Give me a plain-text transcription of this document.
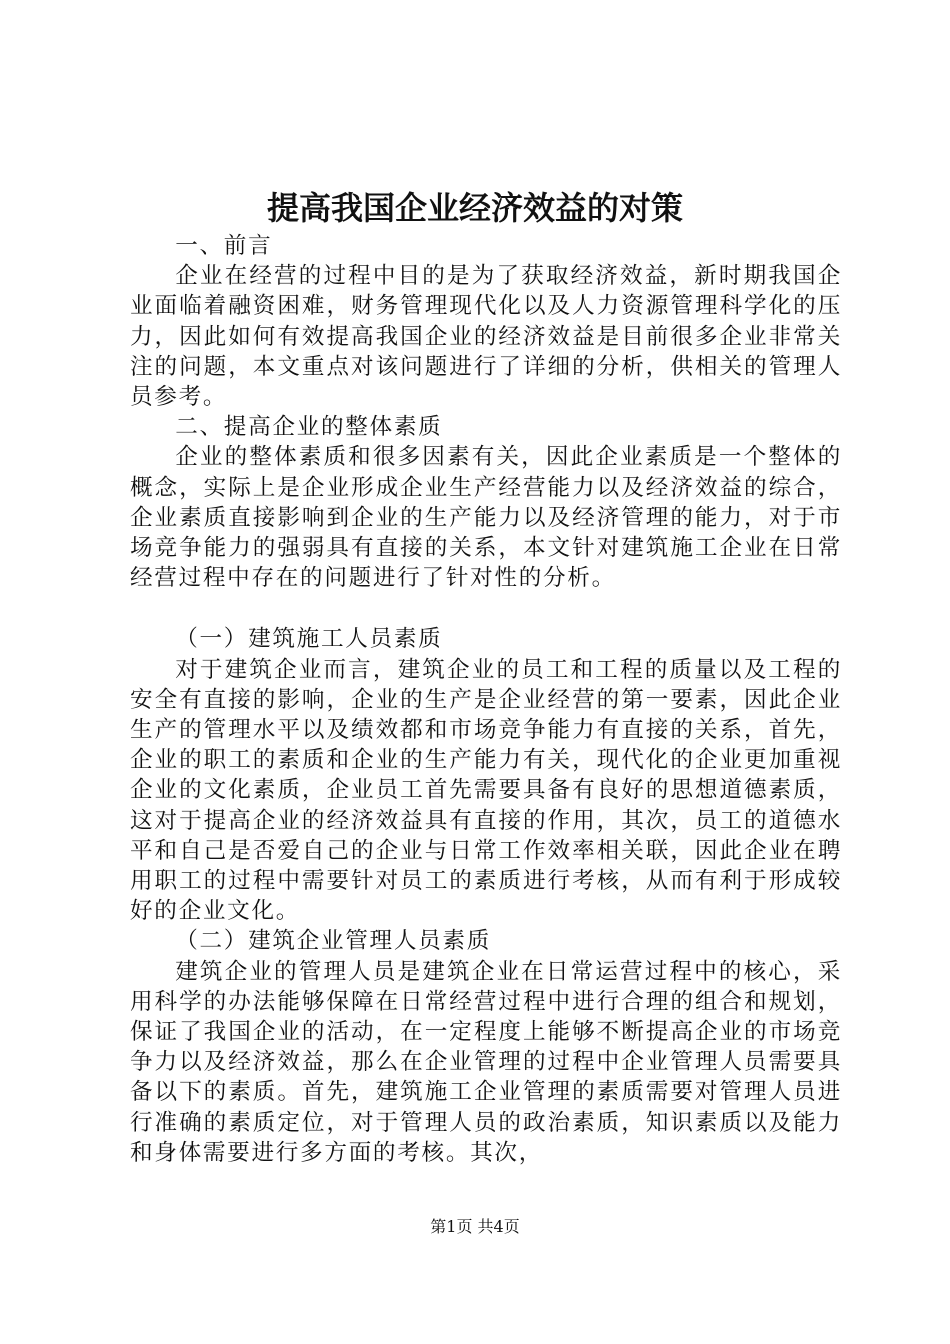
提高我国企业经济效益的对策

一、前言

企业在经营的过程中目的是为了获取经济效益，新时期我国企业面临着融资困难，财务管理现代化以及人力资源管理科学化的压力，因此如何有效提高我国企业的经济效益是目前很多企业非常关注的问题，本文重点对该问题进行了详细的分析，供相关的管理人员参考。

二、提高企业的整体素质

企业的整体素质和很多因素有关，因此企业素质是一个整体的概念，实际上是企业形成企业生产经营能力以及经济效益的综合，企业素质直接影响到企业的生产能力以及经济管理的能力，对于市场竞争能力的强弱具有直接的关系，本文针对建筑施工企业在日常经营过程中存在的问题进行了针对性的分析。

（一）建筑施工人员素质

对于建筑企业而言，建筑企业的员工和工程的质量以及工程的安全有直接的影响，企业的生产是企业经营的第一要素，因此企业生产的管理水平以及绩效都和市场竞争能力有直接的关系，首先，企业的职工的素质和企业的生产能力有关，现代化的企业更加重视企业的文化素质，企业员工首先需要具备有良好的思想道德素质，这对于提高企业的经济效益具有直接的作用，其次，员工的道德水平和自己是否爱自己的企业与日常工作效率相关联，因此企业在聘用职工的过程中需要针对员工的素质进行考核，从而有利于形成较好的企业文化。

（二）建筑企业管理人员素质

建筑企业的管理人员是建筑企业在日常运营过程中的核心，采用科学的办法能够保障在日常经营过程中进行合理的组合和规划，保证了我国企业的活动，在一定程度上能够不断提高企业的市场竞争力以及经济效益，那么在企业管理的过程中企业管理人员需要具备以下的素质。首先，建筑施工企业管理的素质需要对管理人员进行准确的素质定位，对于管理人员的政治素质，知识素质以及能力和身体需要进行多方面的考核。其次，

第1页 共4页
